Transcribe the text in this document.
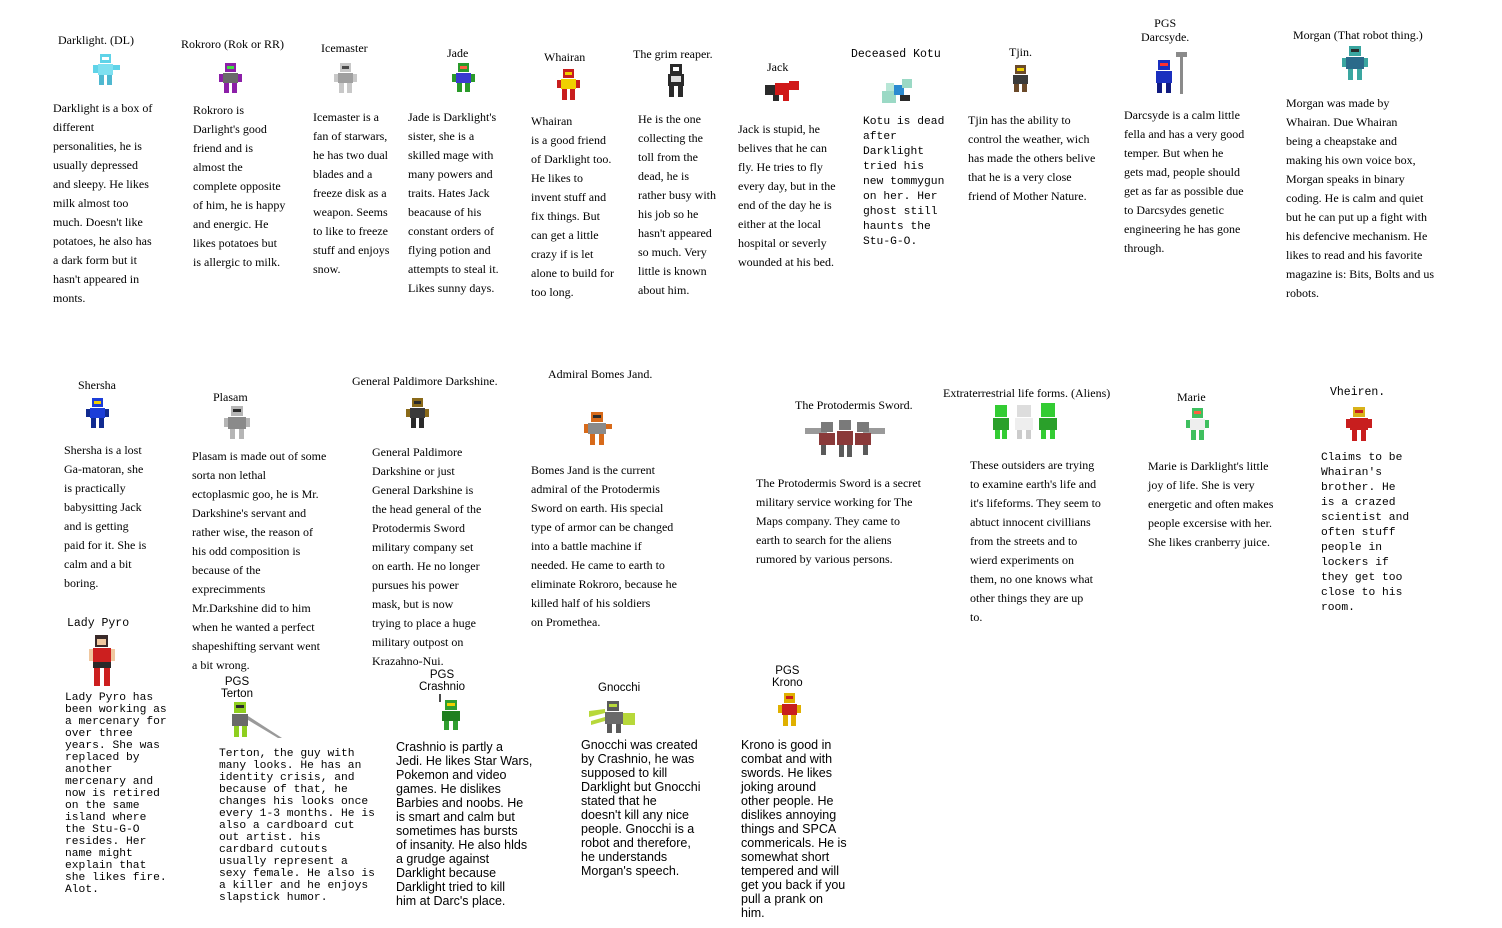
Darklight. (DL)
Darklight is a box of
different
personalities, he is
usually depressed
and sleepy. He likes
milk almost too
much. Doesn't like
potatoes, he also has
a dark form but it
hasn't appeared in
monts.
Rokroro (Rok or RR)
Rokroro is
Darlight's good
friend and is
almost the
complete opposite
of him, he is happy
and energic. He
likes potatoes but
is allergic to milk.
Icemaster
Icemaster is a
fan of starwars,
he has two dual
blades and a
freeze disk as a
weapon. Seems
to like to freeze
stuff and enjoys
snow.
Jade
Jade is Darklight's
sister, she is a
skilled mage with
many powers and
traits. Hates Jack
beacause of his
constant orders of
flying potion and
attempts to steal it.
Likes sunny days.
Whairan
Whairan
is a good friend
of Darklight too.
He likes to
invent stuff and
fix things. But
can get a little
crazy if is let
alone to build for
too long.
The grim reaper.
He is the one
collecting the
toll from the
dead, he is
rather busy with
his job so he
hasn't appeared
so much. Very
little is known
about him.
Jack
Jack is stupid, he
belives that he can
fly. He tries to fly
every day, but in the
end of the day he is
either at the local
hospital or severly
wounded at his bed.
Deceased Kotu
Kotu is dead
after
Darklight
tried his
new tommygun
on her. Her
ghost still
haunts the
Stu-G-O.
Tjin.
Tjin has the ability to
control the weather, wich
has made the others belive
that he is a very close
friend of Mother Nature.
PGS
Darcsyde.
Darcsyde is a calm little
fella and has a very good
temper. But when he
gets mad, people should
get as far as possible due
to Darcsydes genetic
engineering he has gone
through.
Morgan (That robot thing.)
Morgan was made by
Whairan. Due Whairan
being a cheapstake and
making his own voice box,
Morgan speaks in binary
coding. He is calm and quiet
but he can put up a fight with
his defencive mechanism. He
likes to read and his favorite
magazine is: Bits, Bolts and us
robots.
Shersha
Shersha is a lost
Ga-matoran, she
is practically
babysitting Jack
and is getting
paid for it. She is
calm and a bit
boring.
Plasam
Plasam is made out of some
sorta non lethal
ectoplasmic goo, he is Mr.
Darkshine's servant and
rather wise, the reason of
his odd composition is
because of the
exprecimments
Mr.Darkshine did to him
when he wanted a perfect
shapeshifting servant went
a bit wrong.
General Paldimore Darkshine.
General Paldimore
Darkshine or just
General Darkshine is
the head general of the
Protodermis Sword
military company set
on earth. He no longer
pursues his power
mask, but is now
trying to place a huge
military outpost on
Krazahno-Nui.
Admiral Bomes Jand.
Bomes Jand is the current
admiral of the Protodermis
Sword on earth. His special
type of armor can be changed
into a battle machine if
needed. He came to earth to
eliminate Rokrоro, because he
killed half of his soldiers
on Promethea.
The Protodermis Sword.
The Protodermis Sword is a secret
military service working for The
Maps company. They came to
earth to search for the aliens
rumored by various persons.
Extraterrestrial life forms. (Aliens)
These outsiders are trying
to examine earth's life and
it's lifeforms. They seem to
abtuct innocent civillians
from the streets and to
wierd experiments on
them, no one knows what
other things they are up
to.
Marie
Marie is Darklight's little
joy of life. She is very
energetic and often makes
people excersise with her.
She likes cranberry juice.
Vheiren.
Claims to be
Whairan's
brother. He
is a crazed
scientist and
often stuff
people in
lockers if
they get too
close to his
room.
Lady Pyro
Lady Pyro has
been working as
a mercenary for
over three
years. She was
replaced by
another
mercenary and
now is retired
on the same
island where
the Stu-G-O
resides. Her
name might
explain that
she likes fire.
Alot.
PGS
Terton
Terton, the guy with
many looks. He has an
identity crisis, and
because of that, he
changes his looks once
every 1-3 months. He is
also a cardboard cut
out artist. his
cardbard cutouts
usually represent a
sexy female. He also is
a killer and he enjoys
slapstick humor.
PGS
Crashnio
Crashnio is partly a
Jedi. He likes Star Wars,
Pokemon and video
games. He dislikes
Barbies and noobs. He
is smart and calm but
sometimes has bursts
of insanity. He also hlds
a grudge against
Darklight because
Darklight tried to kill
him at Darc's place.
Gnocchi
Gnocchi was created
by Crashnio, he was
supposed to kill
Darklight but Gnocchi
stated that he
doesn't kill any nice
people. Gnocchi is a
robot and therefore,
he understands
Morgan's speech.
PGS
Krono
Krono is good in
combat and with
swords. He likes
joking around
other people. He
dislikes annoying
things and SPCA
commericals. He is
somewhat short
tempered and will
get you back if you
pull a prank on
him.
